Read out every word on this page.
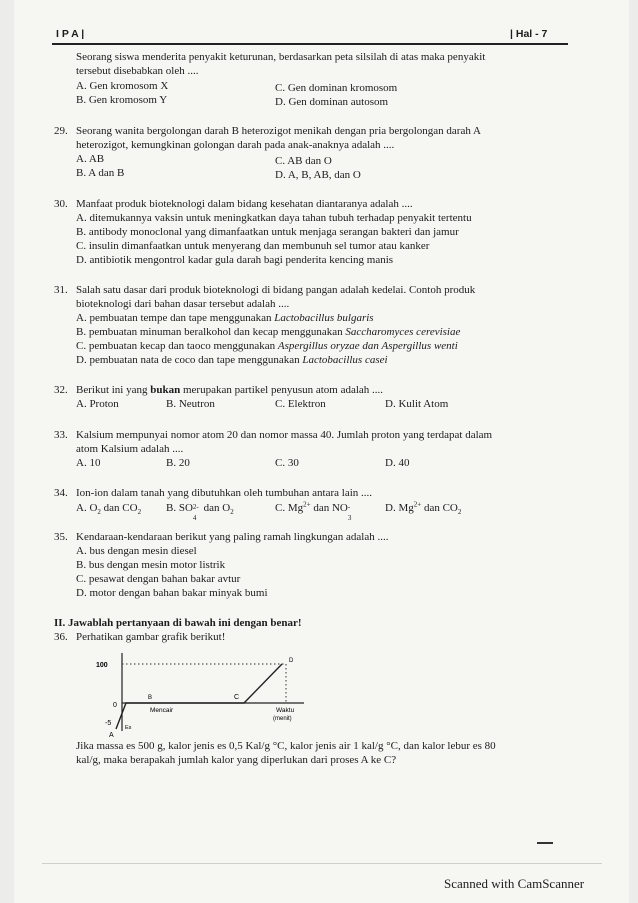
I P A |	| Hal - 7
Seorang siswa menderita penyakit keturunan, berdasarkan peta silsilah di atas maka penyakit
tersebut disebabkan oleh ....
A. Gen kromosom X	C. Gen dominan kromosom
B. Gen kromosom Y	D. Gen dominan autosom
29. Seorang wanita bergolongan darah B heterozigot menikah dengan pria bergolongan darah A
heterozigot, kemungkinan golongan darah pada anak-anaknya adalah ....
A. AB	C. AB dan O
B. A dan B	D. A, B, AB, dan O
30. Manfaat produk bioteknologi dalam bidang kesehatan diantaranya adalah ....
A. ditemukannya vaksin untuk meningkatkan daya tahan tubuh terhadap penyakit tertentu
B. antibody monoclonal yang dimanfaatkan untuk menjaga serangan bakteri dan jamur
C. insulin dimanfaatkan untuk menyerang dan membunuh sel tumor atau kanker
D. antibiotik mengontrol kadar gula darah bagi penderita kencing manis
31. Salah satu dasar dari produk bioteknologi di bidang pangan adalah kedelai. Contoh produk
bioteknologi dari bahan dasar tersebut adalah ....
A. pembuatan tempe dan tape menggunakan Lactobacillus bulgaris
B. pembuatan minuman beralkohol dan kecap menggunakan Saccharomyces cerevisiae
C. pembuatan kecap dan taoco menggunakan Aspergillus oryzae dan Aspergillus wenti
D. pembuatan nata de coco dan tape menggunakan Lactobacillus casei
32. Berikut ini yang bukan merupakan partikel penyusun atom adalah ....
A. Proton	B. Neutron	C. Elektron	D. Kulit Atom
33. Kalsium mempunyai nomor atom 20 dan nomor massa 40. Jumlah proton yang terdapat dalam
atom Kalsium adalah ....
A. 10	B. 20	C. 30	D. 40
34. Ion-ion dalam tanah yang dibutuhkan oleh tumbuhan antara lain ....
A. $O_2$ dan $CO_2$ B. SO 2- dan $O_2$	C. $Mg^{2+}$ dan NO -	D. $Mg^{2+}$ dan $CO_2$
35. Kendaraan-kendaraan berikut yang paling ramah lingkungan adalah ....
A. bus dengan mesin diesel
B. bus dengan mesin motor listrik
C. pesawat dengan bahan bakar avtur
D. motor dengan bahan bakar minyak bumi
II. Jawablah pertanyaan di bawah ini dengan benar!
36. Perhatikan gambar grafik berikut!
100
0
-5
A
B	C
D
Es
Mencair	Waktu
(menit)
Jika massa es 500 g, kalor jenis es 0,5 Kal/g °C, kalor jenis air 1 kal/g °C, dan kalor lebur es 80
kal/g, maka berapakah jumlah kalor yang diperlukan dari proses A ke C?
Scanned with CamScanner
